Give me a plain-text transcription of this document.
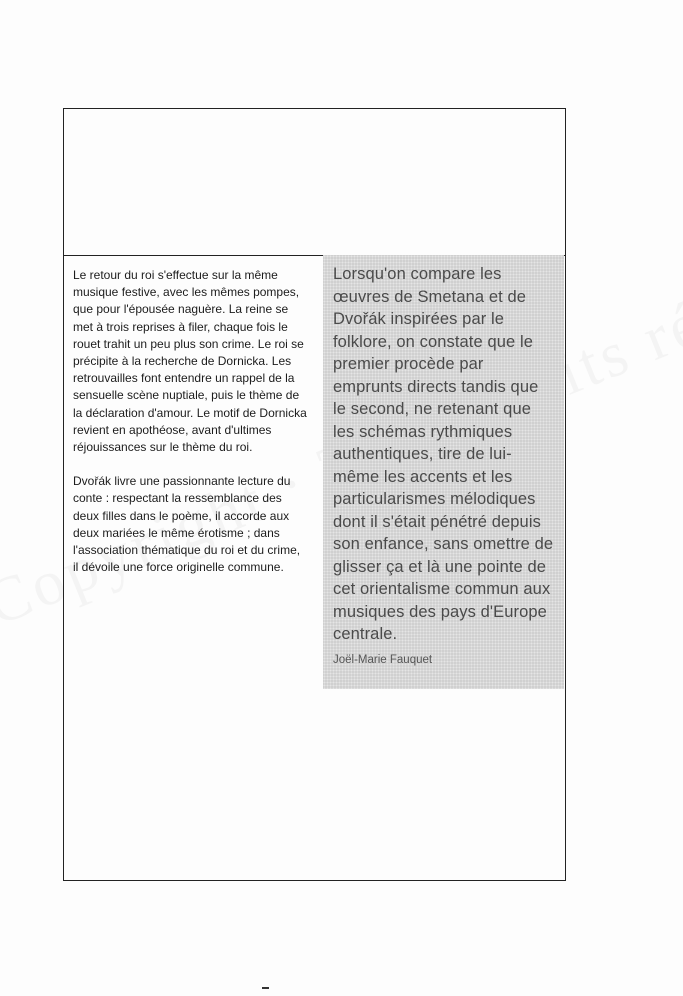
Le retour du roi s'effectue sur la même musique festive, avec les mêmes pompes, que pour l'épousée naguère. La reine se met à trois reprises à filer, chaque fois le rouet trahit un peu plus son crime. Le roi se précipite à la recherche de Dornicka. Les retrouvailles font entendre un rappel de la sensuelle scène nuptiale, puis le thème de la déclaration d'amour. Le motif de Dornicka revient en apothéose, avant d'ultimes réjouissances sur le thème du roi.

Dvořák livre une passionnante lecture du conte : respectant la ressemblance des deux filles dans le poème, il accorde aux deux mariées le même érotisme ; dans l'association thématique du roi et du crime, il dévoile une force originelle commune.

Lorsqu'on compare les œuvres de Smetana et de Dvořák inspirées par le folklore, on constate que le premier procède par emprunts directs tandis que le second, ne retenant que les schémas rythmiques authentiques, tire de lui-même les accents et les particularismes mélodiques dont il s'était pénétré depuis son enfance, sans omettre de glisser ça et là une pointe de cet orientalisme commun aux musiques des pays d'Europe centrale.

Joël-Marie Fauquet
